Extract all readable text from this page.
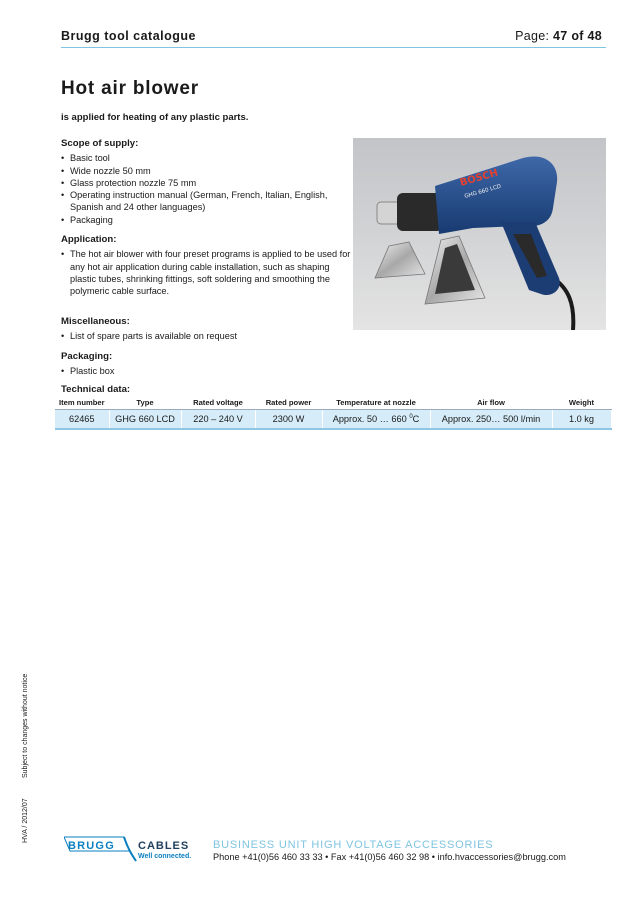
Brugg tool catalogue	Page: 47 of 48
Hot air blower
is applied for heating of any plastic parts.
Scope of supply:
• Basic tool
• Wide nozzle 50 mm
• Glass protection nozzle 75 mm
• Operating instruction manual (German, French, Italian, English, Spanish and 24 other languages)
• Packaging
Application:
• The hot air blower with four preset programs is applied to be used for any hot air application during cable installation, such as shaping plastic tubes, shrinking fittings, soft soldering and smoothing the polymeric cable surface.
Miscellaneous:
• List of spare parts is available on request
Packaging:
• Plastic box
BOSCH
GHG 660 LCD
Technical data:
Item number	Type	Rated voltage	Rated power	Temperature at nozzle	Air flow	Weight
62465	GHG 660 LCD	220 – 240 V	2300 W	Approx. 50 … 660 $^0$C	Approx. 250… 500 l/min	1.0 kg
Subject to changes without notice
HVA / 2012/07
BRUGG CABLES
Well connected.
BUSINESS UNIT HIGH VOLTAGE ACCESSORIES
Phone +41(0)56 460 33 33 • Fax +41(0)56 460 32 98 • info.hvaccessories@brugg.com
